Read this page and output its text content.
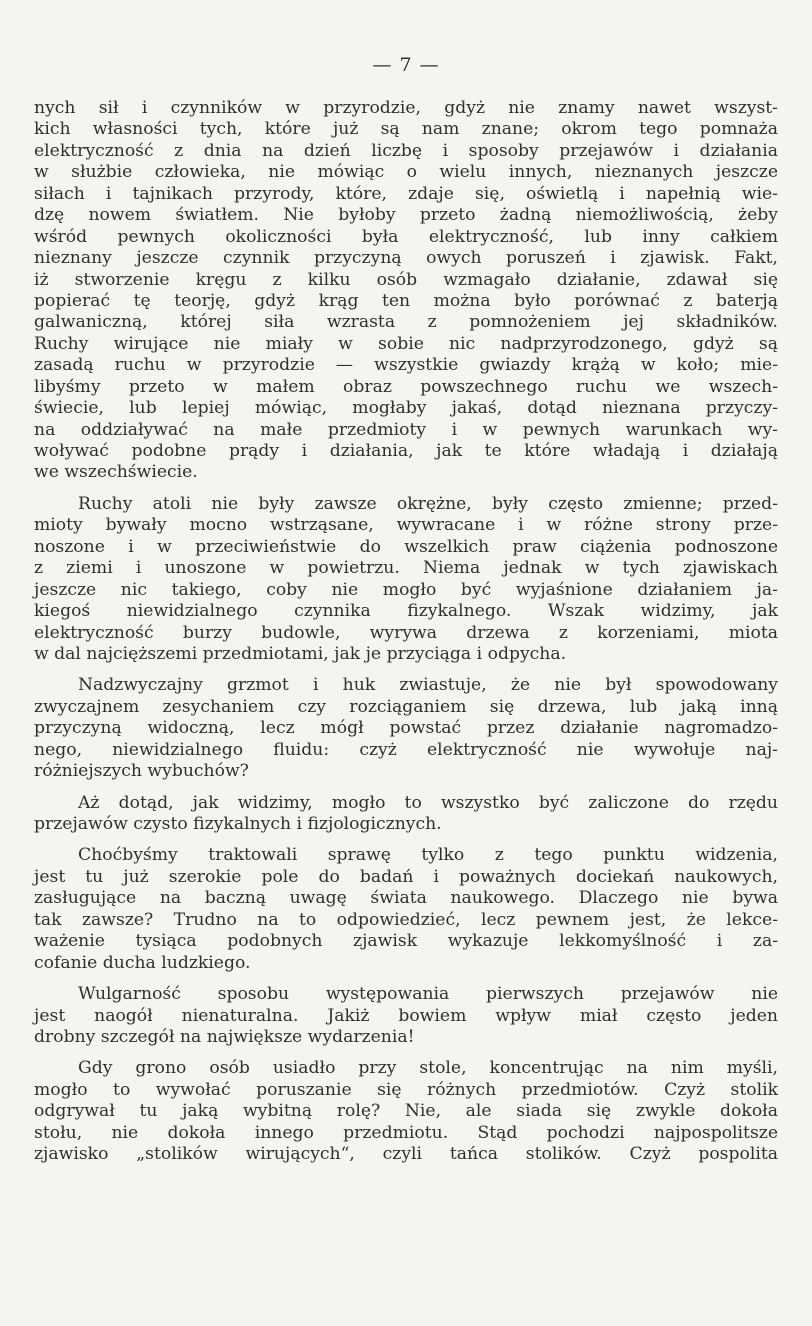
— 7 —
nych sił i czynników w przyrodzie, gdyż nie znamy nawet wszyst-
kich własności tych, które już są nam znane; okrom tego pomnaża
elektryczność z dnia na dzień liczbę i sposoby przejawów i działania
w służbie człowieka, nie mówiąc o wielu innych, nieznanych jeszcze
siłach i tajnikach przyrody, które, zdaje się, oświetlą i napełnią wie-
dzę nowem światłem. Nie byłoby przeto żadną niemożliwością, żeby
wśród pewnych okoliczności była elektryczność, lub inny całkiem
nieznany jeszcze czynnik przyczyną owych poruszeń i zjawisk. Fakt,
iż stworzenie kręgu z kilku osób wzmagało działanie, zdawał się
popierać tę teorję, gdyż krąg ten można było porównać z baterją
galwaniczną, której siła wzrasta z pomnożeniem jej składników.
Ruchy wirujące nie miały w sobie nic nadprzyrodzonego, gdyż są
zasadą ruchu w przyrodzie — wszystkie gwiazdy krążą w koło; mie-
libyśmy przeto w małem obraz powszechnego ruchu we wszech-
świecie, lub lepiej mówiąc, mogłaby jakaś, dotąd nieznana przyczy-
na oddziaływać na małe przedmioty i w pewnych warunkach wy-
woływać podobne prądy i działania, jak te które władają i działają
we wszechświecie.
Ruchy atoli nie były zawsze okrężne, były często zmienne; przed-
mioty bywały mocno wstrząsane, wywracane i w różne strony prze-
noszone i w przeciwieństwie do wszelkich praw ciążenia podnoszone
z ziemi i unoszone w powietrzu. Niema jednak w tych zjawiskach
jeszcze nic takiego, coby nie mogło być wyjaśnione działaniem ja-
kiegoś niewidzialnego czynnika fizykalnego. Wszak widzimy, jak
elektryczność burzy budowle, wyrywa drzewa z korzeniami, miota
w dal najcięższemi przedmiotami, jak je przyciąga i odpycha.
Nadzwyczajny grzmot i huk zwiastuje, że nie był spowodowany
zwyczajnem zesychaniem czy rozciąganiem się drzewa, lub jaką inną
przyczyną widoczną, lecz mógł powstać przez działanie nagromadzo-
nego, niewidzialnego fluidu: czyż elektryczność nie wywołuje naj-
różniejszych wybuchów?
Aż dotąd, jak widzimy, mogło to wszystko być zaliczone do rzędu
przejawów czysto fizykalnych i fizjologicznych.
Choćbyśmy traktowali sprawę tylko z tego punktu widzenia,
jest tu już szerokie pole do badań i poważnych dociekań naukowych,
zasługujące na baczną uwagę świata naukowego. Dlaczego nie bywa
tak zawsze? Trudno na to odpowiedzieć, lecz pewnem jest, że lekce-
ważenie tysiąca podobnych zjawisk wykazuje lekkomyślność i za-
cofanie ducha ludzkiego.
Wulgarność sposobu występowania pierwszych przejawów nie
jest naogół nienaturalna. Jakiż bowiem wpływ miał często jeden
drobny szczegół na największe wydarzenia!
Gdy grono osób usiadło przy stole, koncentrując na nim myśli,
mogło to wywołać poruszanie się różnych przedmiotów. Czyż stolik
odgrywał tu jaką wybitną rolę? Nie, ale siada się zwykle dokoła
stołu, nie dokoła innego przedmiotu. Stąd pochodzi najpospolitsze
zjawisko „stolików wirujących“, czyli tańca stolików. Czyż pospolita
